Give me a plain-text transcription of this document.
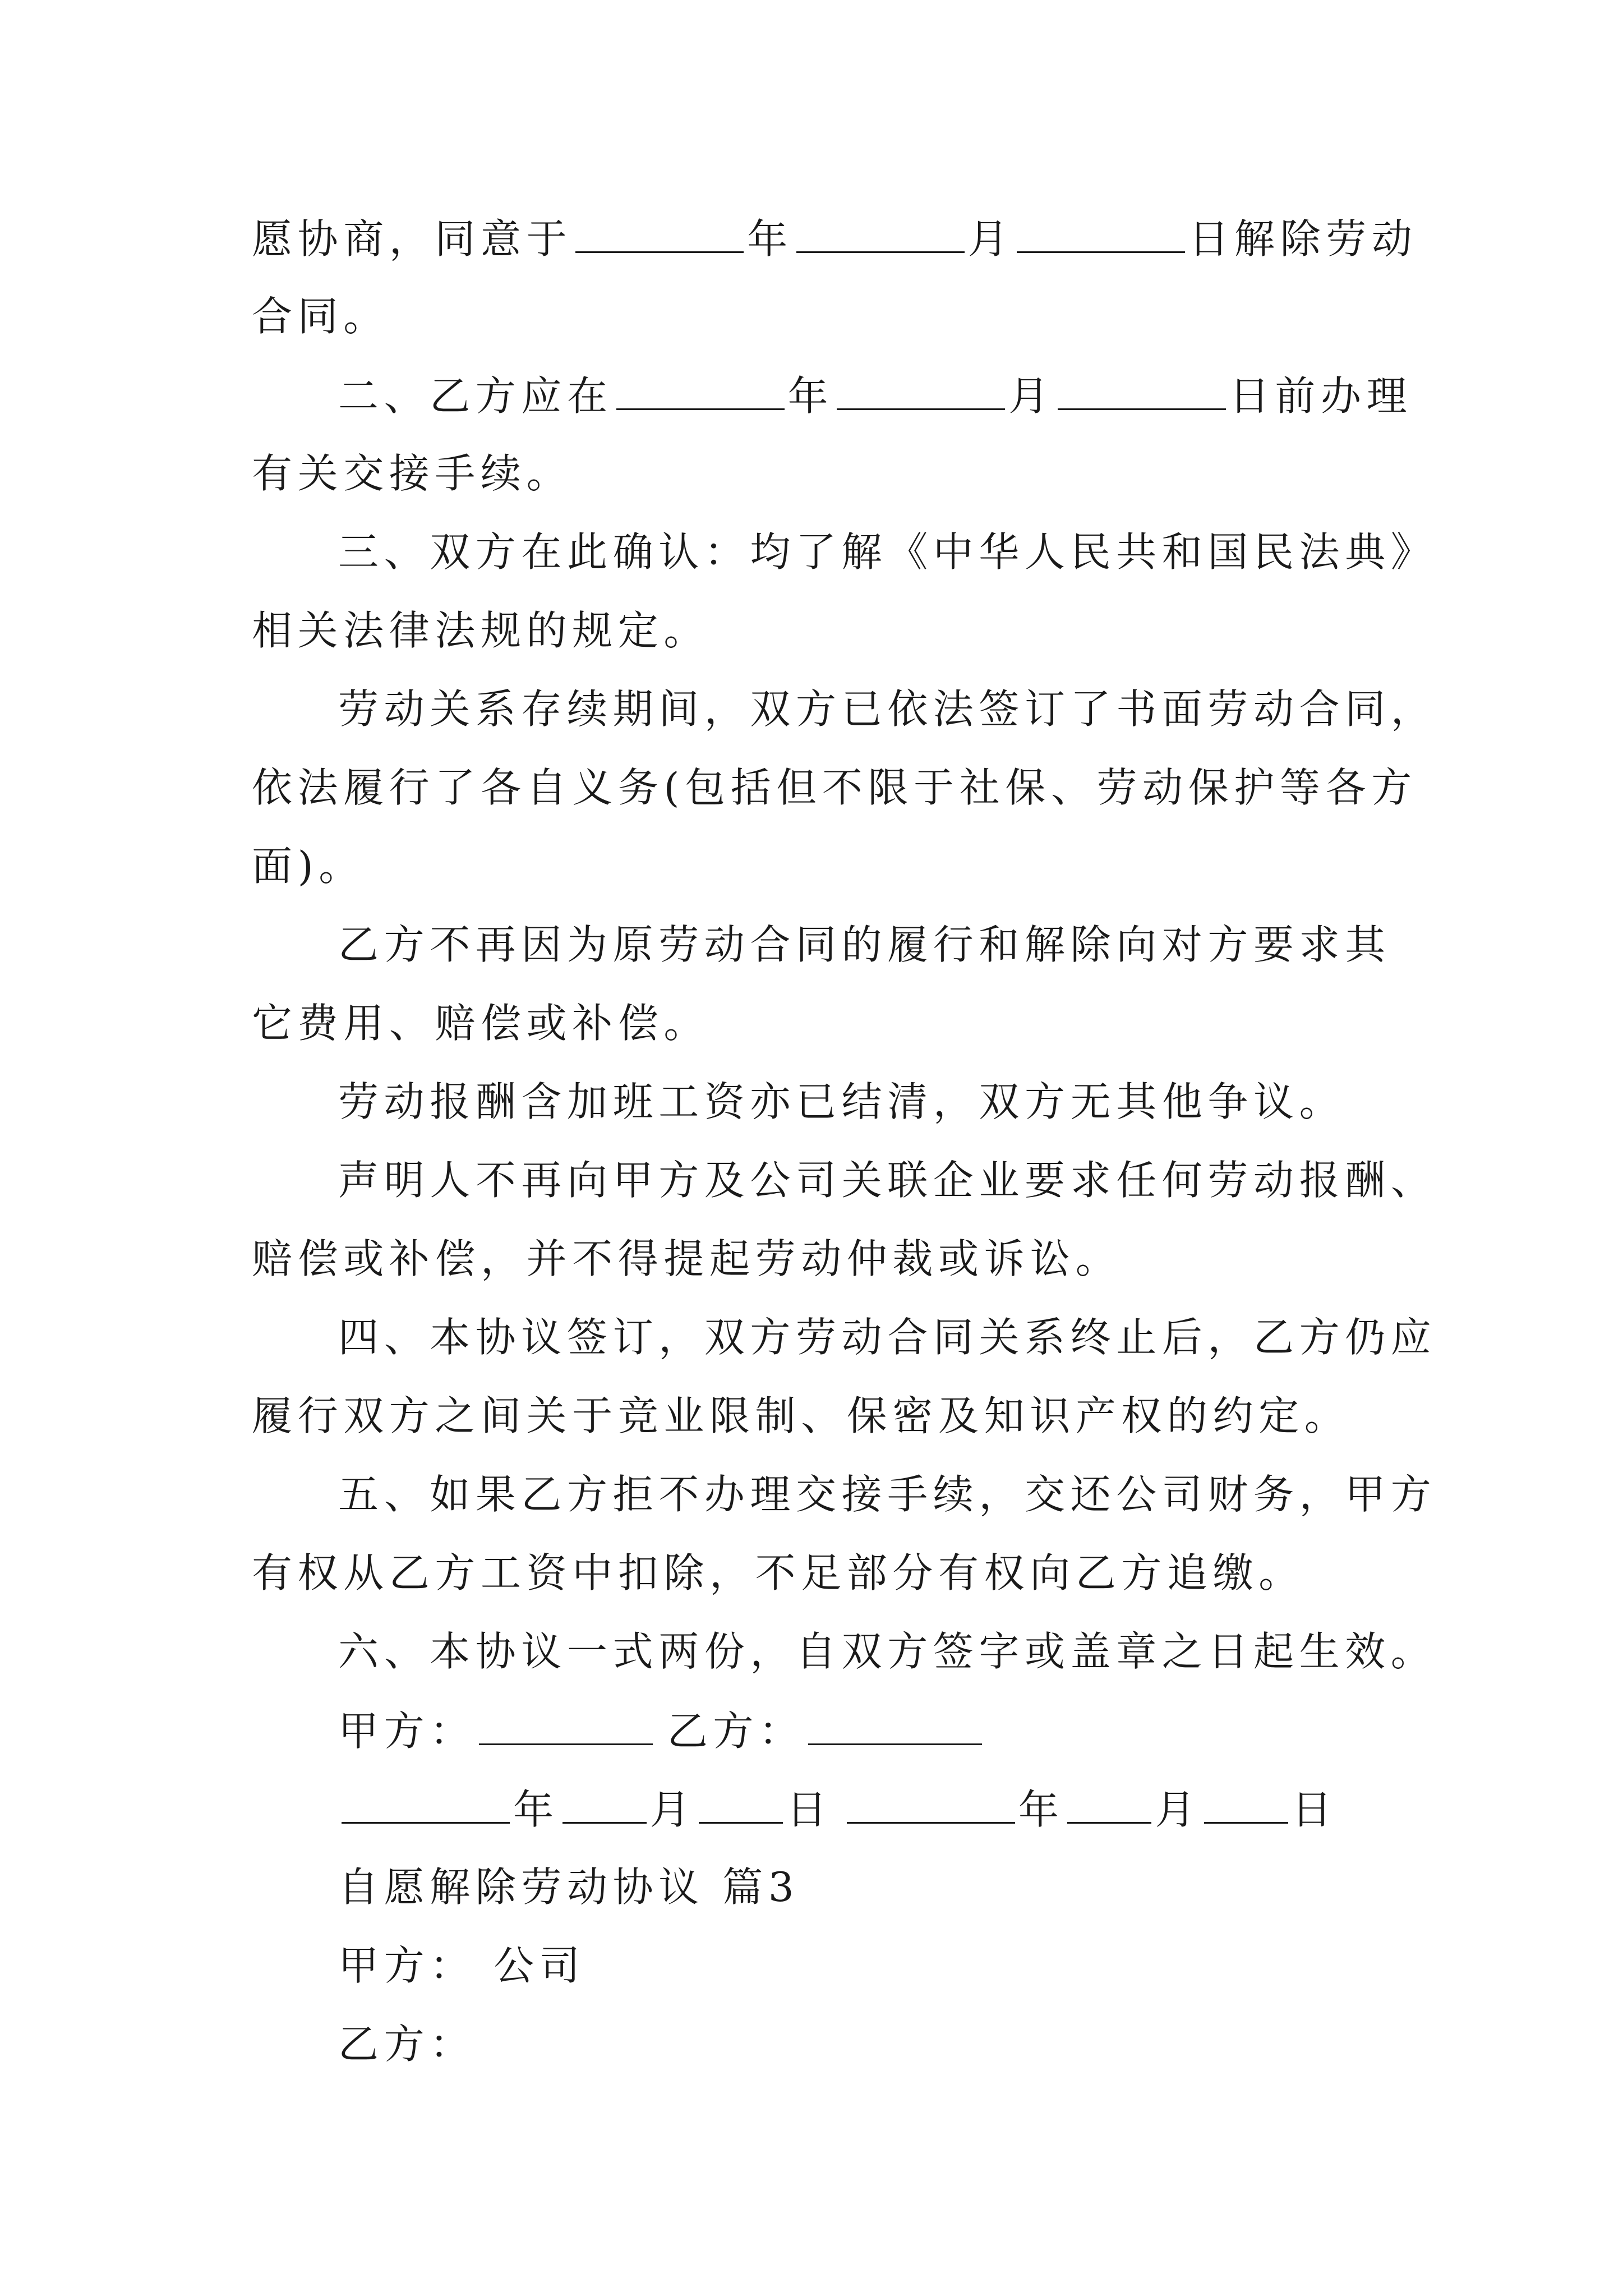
愿协商，同意于	年	月	日解除劳动

合同。

二、乙方应在	年	月	日前办理

有关交接手续。

三、双方在此确认：均了解《中华人民共和国民法典》

相关法律法规的规定。

劳动关系存续期间，双方已依法签订了书面劳动合同，

依法履行了各自义务(包括但不限于社保、劳动保护等各方

面)。

乙方不再因为原劳动合同的履行和解除向对方要求其

它费用、赔偿或补偿。

劳动报酬含加班工资亦已结清，双方无其他争议。

声明人不再向甲方及公司关联企业要求任何劳动报酬、

赔偿或补偿，并不得提起劳动仲裁或诉讼。

四、本协议签订，双方劳动合同关系终止后，乙方仍应

履行双方之间关于竞业限制、保密及知识产权的约定。

五、如果乙方拒不办理交接手续，交还公司财务，甲方

有权从乙方工资中扣除，不足部分有权向乙方追缴。

六、本协议一式两份，自双方签字或盖章之日起生效。

甲方：	乙方：

年 月 日	年 月 日

自愿解除劳动协议 篇3

甲方： 公司

乙方：
